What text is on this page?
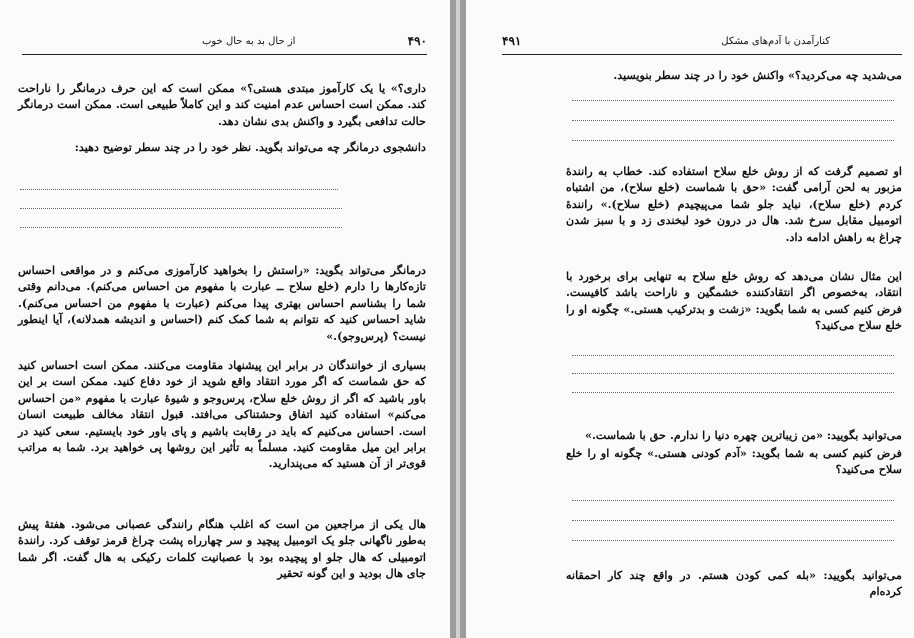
۴۹۰
از حال بد به حال خوب

داری؟» یا یک کارآموز مبتدی هستی؟» ممکن است که این حرف درمانگر را ناراحت کند. ممکن است احساس عدم امنیت کند و این کاملاً طبیعی است. ممکن است درمانگر حالت تدافعی بگیرد و واکنش بدی نشان دهد.

دانشجوی درمانگر چه می‌تواند بگوید. نظر خود را در چند سطر توضیح دهید:

درمانگر می‌تواند بگوید: «راستش را بخواهید کارآموزی می‌کنم و در مواقعی احساس تازه‌کارها را دارم (خلع سلاح ــ عبارت با مفهوم من احساس می‌کنم). می‌دانم وقتی شما را بشناسم احساس بهتری پیدا می‌کنم (عبارت با مفهوم من احساس می‌کنم). شاید احساس کنید که نتوانم به شما کمک کنم (احساس و اندیشه همدلانه)، آیا اینطور نیست؟ (پرس‌وجو).»

بسیاری از خوانندگان در برابر این پیشنهاد مقاومت می‌کنند. ممکن است احساس کنید که حق شماست که اگر مورد انتقاد واقع شوید از خود دفاع کنید. ممکن است بر این باور باشید که اگر از روش خلع سلاح، پرس‌وجو و شیوهٔ عبارت با مفهوم «من احساس می‌کنم» استفاده کنید اتفاق وحشتناکی می‌افتد. قبول انتقاد مخالف طبیعت انسان است. احساس می‌کنیم که باید در رقابت باشیم و پای باور خود بایستیم. سعی کنید در برابر این میل مقاومت کنید. مسلماً به تأثیر این روشها پی خواهید برد. شما به مراتب قوی‌تر از آن هستید که می‌پندارید.

هال یکی از مراجعین من است که اغلب هنگام رانندگی عصبانی می‌شود. هفتهٔ پیش به‌طور ناگهانی جلو یک اتومبیل پیچید و سر چهارراه پشت چراغ قرمز توقف کرد. رانندهٔ اتومبیلی که هال جلو او پیچیده بود با عصبانیت کلمات رکیکی به هال گفت. اگر شما جای هال بودید و این گونه تحقیر

۴۹۱	کنارآمدن با آدم‌های مشکل

می‌شدید چه می‌کردید؟» واکنش خود را در چند سطر بنویسید.

او تصمیم گرفت که از روش خلع سلاح استفاده کند. خطاب به رانندهٔ مزبور به لحن آرامی گفت: «حق با شماست (خلع سلاح)، من اشتباه کردم (خلع سلاح)، نباید جلو شما می‌پیچیدم (خلع سلاح).» رانندهٔ اتومبیل مقابل سرخ شد. هال در درون خود لبخندی زد و با سبز شدن چراغ به راهش ادامه داد.

این مثال نشان می‌دهد که روش خلع سلاح به تنهایی برای برخورد با انتقاد، به‌خصوص اگر انتقادکننده خشمگین و ناراحت باشد کافیست. فرض کنیم کسی به شما بگوید: «زشت و بدترکیب هستی.» چگونه او را خلع سلاح می‌کنید؟

می‌توانید بگویید: «من زیباترین چهره دنیا را ندارم. حق با شماست.»

فرض کنیم کسی به شما بگوید: «آدم کودنی هستی.» چگونه او را خلع سلاح می‌کنید؟

می‌توانید بگویید: «بله کمی کودن هستم. در واقع چند کار احمقانه کرده‌ام
